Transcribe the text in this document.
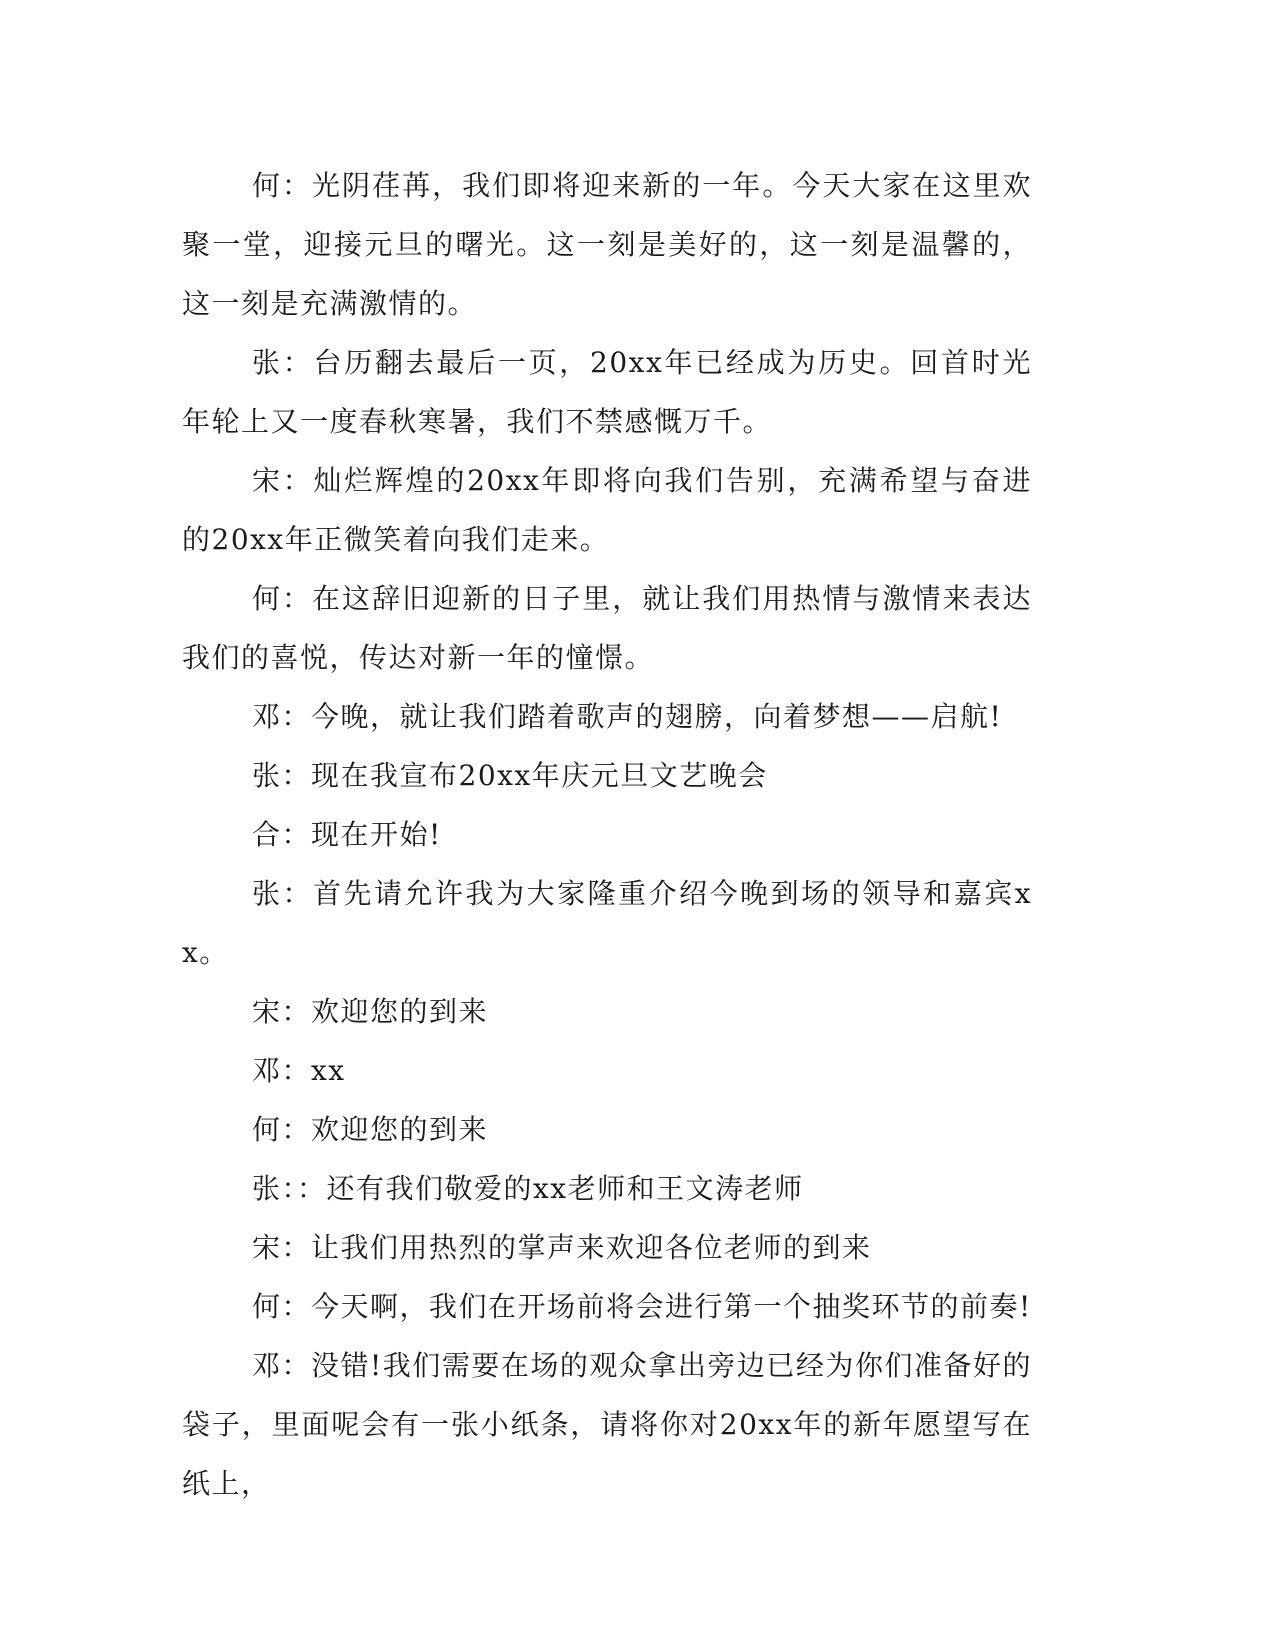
何：光阴荏苒，我们即将迎来新的一年。今天大家在这里欢聚一堂，迎接元旦的曙光。这一刻是美好的，这一刻是温馨的，这一刻是充满激情的。

张：台历翻去最后一页，20xx年已经成为历史。回首时光年轮上又一度春秋寒暑，我们不禁感慨万千。

宋：灿烂辉煌的20xx年即将向我们告别，充满希望与奋进的20xx年正微笑着向我们走来。

何：在这辞旧迎新的日子里，就让我们用热情与激情来表达我们的喜悦，传达对新一年的憧憬。

邓：今晚，就让我们踏着歌声的翅膀，向着梦想——启航!

张：现在我宣布20xx年庆元旦文艺晚会

合：现在开始!

张：首先请允许我为大家隆重介绍今晚到场的领导和嘉宾xx。

宋：欢迎您的到来

邓：xx

何：欢迎您的到来

张：：还有我们敬爱的xx老师和王文涛老师

宋：让我们用热烈的掌声来欢迎各位老师的到来

何：今天啊，我们在开场前将会进行第一个抽奖环节的前奏!

邓：没错!我们需要在场的观众拿出旁边已经为你们准备好的袋子，里面呢会有一张小纸条，请将你对20xx年的新年愿望写在纸上，
